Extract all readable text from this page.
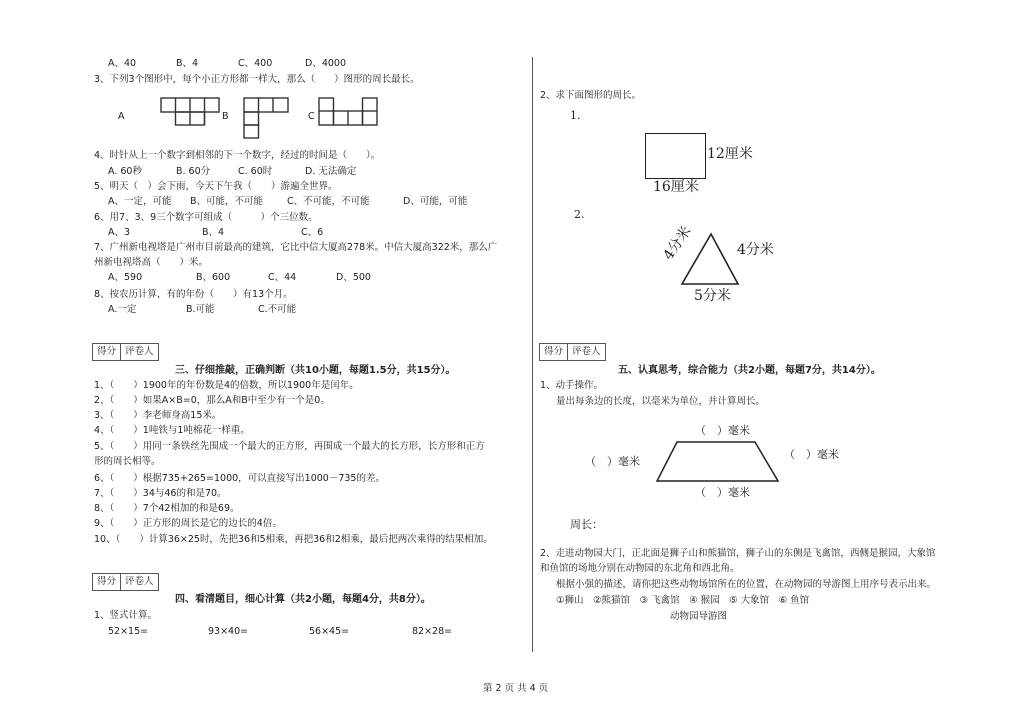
A、40	B、4	C、400	D、4000
3、下列3个图形中，每个小正方形都一样大，那么（　　）图形的周长最长。
A	B	C
4、时针从上一个数字到相邻的下一个数字，经过的时间是（　　）。
A. 60秒	B. 60分	C. 60时	D. 无法确定
5、明天（　）会下雨，今天下午我（　　）游遍全世界。
A、一定，可能 B、可能，不可能	C、不可能，不可能	D、可能，可能
6、用7、3、9三个数字可组成（　　　）个三位数。
A、3	B、4	C、6
7、广州新电视塔是广州市目前最高的建筑，它比中信大厦高278米。中信大厦高322米，那么广
州新电视塔高（　　）米。
A、590	B、600	C、44	D、500
8、按农历计算，有的年份（　　）有13个月。
A.一定	B.可能	C.不可能
得分 评卷人
三、仔细推敲，正确判断（共10小题，每题1.5分，共15分）。
1、（　　）1900年的年份数是4的倍数，所以1900年是闰年。
2、（　　）如果A×B=0，那么A和B中至少有一个是0。
3、（　　）李老师身高15米。
4、（　　）1吨铁与1吨棉花一样重。
5、（　　）用同一条铁丝先围成一个最大的正方形，再围成一个最大的长方形，长方形和正方
形的周长相等。
6、（　　）根据735+265=1000，可以直接写出1000－735的差。
7、（　　）34与46的和是70。
8、（　　）7个42相加的和是69。
9、（　　）正方形的周长是它的边长的4倍。
10、（　　）计算36×25时，先把36和5相乘，再把36和2相乘，最后把两次乘得的结果相加。
得分 评卷人
四、看清题目，细心计算（共2小题，每题4分，共8分）。
1、竖式计算。
52×15=	93×40=	56×45=	82×28=
2、求下面图形的周长。
1.
12厘米
16厘米
2.
4分米	4分米
5分米
得分 评卷人
五、认真思考，综合能力（共2小题，每题7分，共14分）。
1、动手操作。
量出每条边的长度，以毫米为单位，并计算周长。
（　）毫米
（　）毫米
（　）毫米
（　）毫米
周长：
2、走进动物园大门，正北面是狮子山和熊猫馆，狮子山的东侧是飞禽馆，西侧是猴园，大象馆
和鱼馆的场地分别在动物园的东北角和西北角。
根据小强的描述，请你把这些动物场馆所在的位置，在动物园的导游图上用序号表示出来。
①狮山　②熊猫馆　③ 飞禽馆　④ 猴园　⑤ 大象馆　⑥ 鱼馆
动物园导游图
第 2 页 共 4 页
